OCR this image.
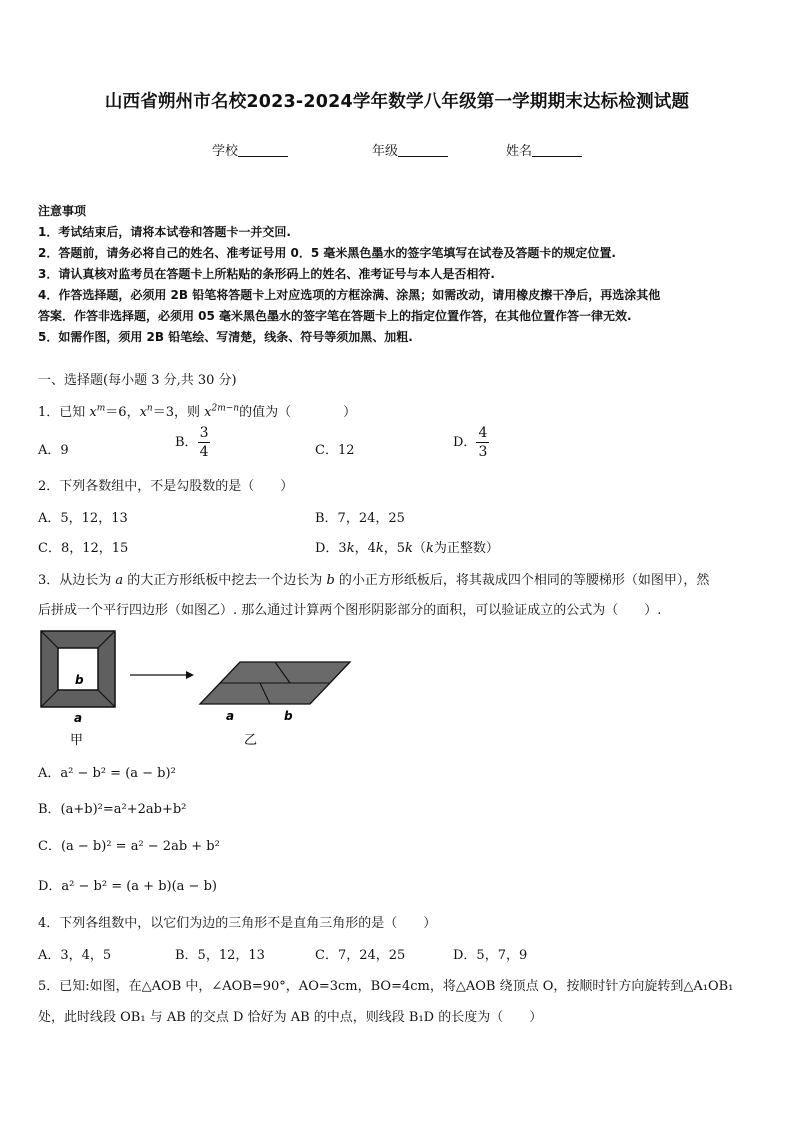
山西省朔州市名校2023-2024学年数学八年级第一学期期末达标检测试题
学校	年级	姓名
注意事项
1．考试结束后，请将本试卷和答题卡一并交回.
2．答题前，请务必将自己的姓名、准考证号用 0．5 毫米黑色墨水的签字笔填写在试卷及答题卡的规定位置.
3．请认真核对监考员在答题卡上所粘贴的条形码上的姓名、准考证号与本人是否相符.
4．作答选择题，必须用 2B 铅笔将答题卡上对应选项的方框涂满、涂黑；如需改动，请用橡皮擦干净后，再选涂其他
答案．作答非选择题，必须用 05 毫米黑色墨水的签字笔在答题卡上的指定位置作答，在其他位置作答一律无效.
5．如需作图，须用 2B 铅笔绘、写清楚，线条、符号等须加黑、加粗.
一、选择题(每小题 3 分,共 30 分)
1．已知 $x^m=6$，$x^n=3$，则 $x^{2m-n}$的值为（　　　　）
A．9
B． $\frac{3}{4}$	C．12
D． $\frac{4}{3}$
2．下列各数组中，不是勾股数的是（　　）
A．5，12，13	B．7，24，25
C．8，12，15	D．3k，4k，5k（k为正整数）
3．从边长为 a 的大正方形纸板中挖去一个边长为 b 的小正方形纸板后，将其裁成四个相同的等腰梯形（如图甲），然
后拼成一个平行四边形（如图乙）. 那么通过计算两个图形阴影部分的面积，可以验证成立的公式为（　　）.
b
a
甲
a	b
乙
A．a² − b² = (a − b)²
B．(a+b)²=a²+2ab+b²
C．(a − b)² = a² − 2ab + b²
D．a² − b² = (a + b)(a − b)
4．下列各组数中，以它们为边的三角形不是直角三角形的是（　　）
A．3，4，5	B．5，12，13	C．7，24，25	D．5，7，9
5．已知:如图，在△AOB 中，∠AOB=90°，AO=3cm，BO=4cm，将△AOB 绕顶点 O，按顺时针方向旋转到△A₁OB₁
处，此时线段 OB₁ 与 AB 的交点 D 恰好为 AB 的中点，则线段 B₁D 的长度为（　　）
